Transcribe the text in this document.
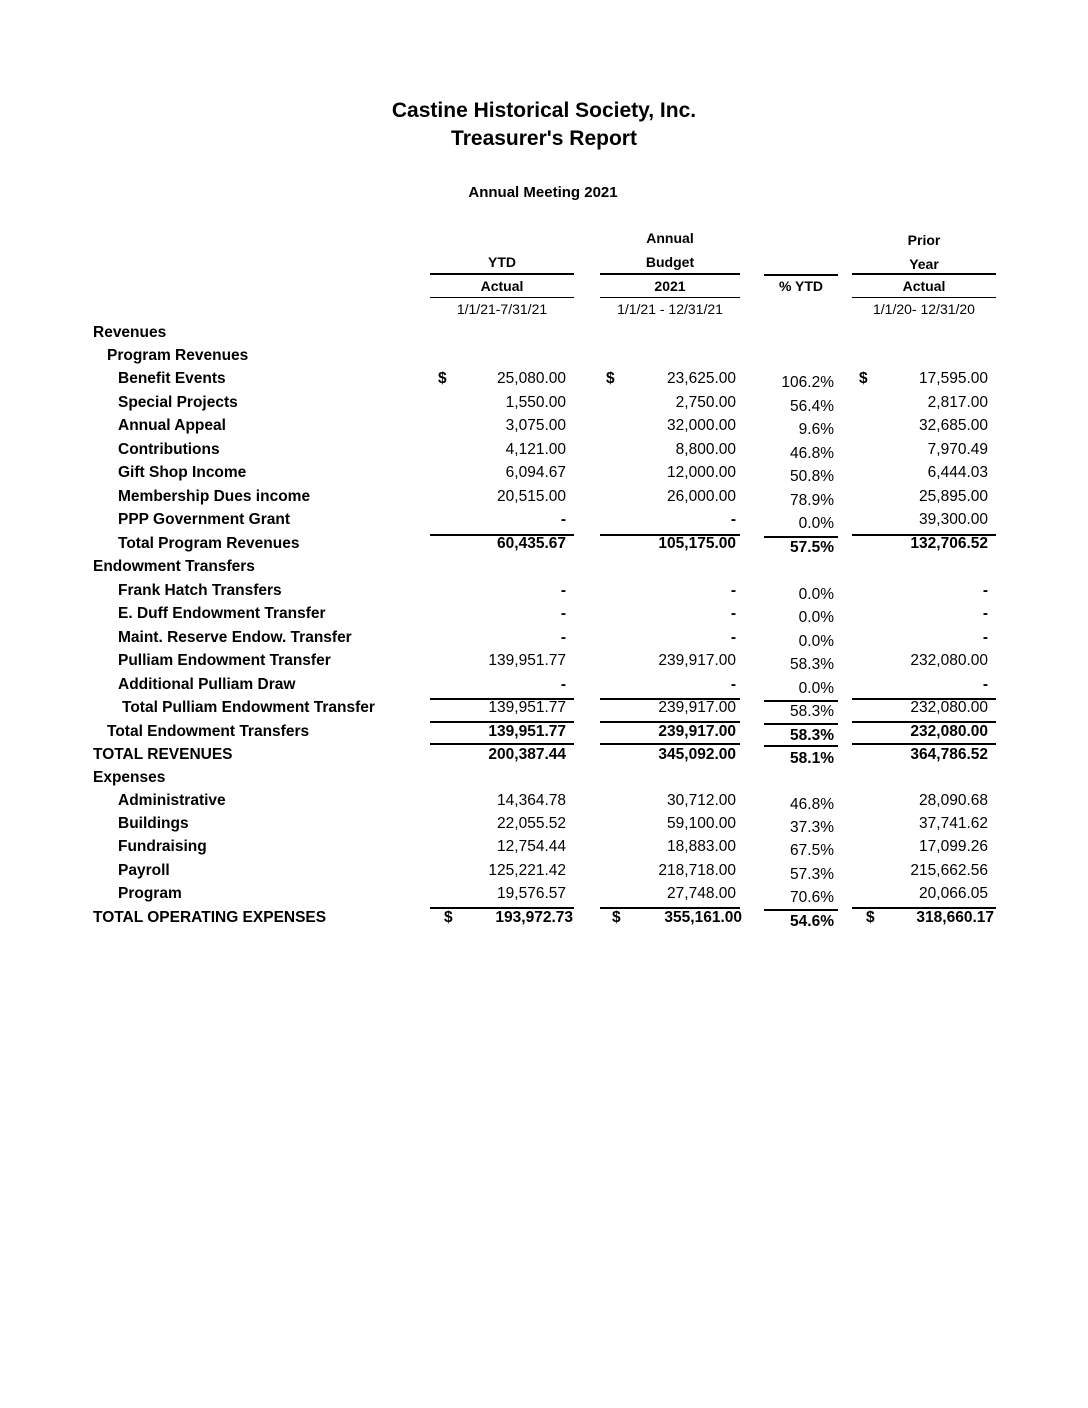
Castine Historical Society, Inc.
Treasurer's Report
Annual Meeting 2021
Annual	Prior
YTD	Budget	Year
Actual	2021	% YTD	Actual
1/1/21-7/31/21	1/1/21 - 12/31/21	1/1/20- 12/31/20
Revenues
Program Revenues
Benefit Events	$	25,080.00	$	23,625.00	106.2% $	17,595.00
Special Projects	1,550.00	2,750.00	56.4%	2,817.00
Annual Appeal	3,075.00	32,000.00	9.6%	32,685.00
Contributions	4,121.00	8,800.00	46.8%	7,970.49
Gift Shop Income	6,094.67	12,000.00	50.8%	6,444.03
Membership Dues income	20,515.00	26,000.00	78.9%	25,895.00
PPP Government Grant	-	-	0.0%	39,300.00
Total Program Revenues	60,435.67	105,175.00	57.5%	132,706.52
Endowment Transfers
Frank Hatch Transfers	-	-	0.0%	-
E. Duff Endowment Transfer	-	-	0.0%	-
Maint. Reserve Endow. Transfer	-	-	0.0%	-
Pulliam Endowment Transfer	139,951.77	239,917.00	58.3%	232,080.00
Additional Pulliam Draw	-	-	0.0%	-
Total Pulliam Endowment Transfer	139,951.77	239,917.00	58.3%	232,080.00
Total Endowment Transfers	139,951.77	239,917.00	58.3%	232,080.00
TOTAL REVENUES	200,387.44	345,092.00	58.1%	364,786.52
Expenses
Administrative	14,364.78	30,712.00	46.8%	28,090.68
Buildings	22,055.52	59,100.00	37.3%	37,741.62
Fundraising	12,754.44	18,883.00	67.5%	17,099.26
Payroll	125,221.42	218,718.00	57.3%	215,662.56
Program	19,576.57	27,748.00	70.6%	20,066.05
TOTAL OPERATING EXPENSES	$	193,972.73	$	355,161.00	54.6% $	318,660.17
